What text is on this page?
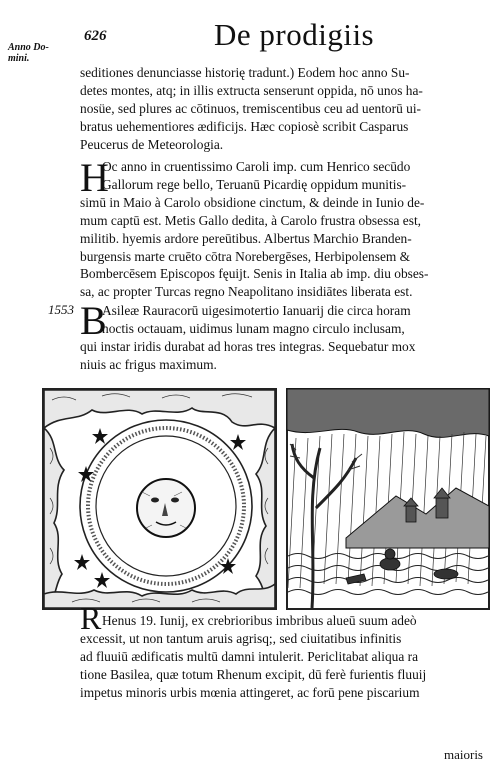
Anno Do-
mini.
626	De prodigiis
seditiones denunciasse historię tradunt.) Eodem hoc anno Su-
detes montes, atq; in illis extructa senserunt oppida, nō unos ha-
nosüe, sed plures ac cōtinuos, tremiscentibus ceu ad uentorū ui-
bratus uehementiores ædificijs. Hæc copiosè scribit Casparus
Peucerus de Meteorologia.
H
Oc anno in cruentissimo Caroli imp. cum Henrico secūdo
Gallorum rege bello, Teruanū Picardię oppidum munitis-
simū in Maio à Carolo obsidione cinctum, & deinde in Iunio de-
mum captū est. Metis Gallo dedita, à Carolo frustra obsessa est,
militib. hyemis ardore pereūtibus. Albertus Marchio Branden-
burgensis marte cruēto cōtra Norebergēses, Herbipolensem &
Bombercēsem Episcopos fęuijt. Senis in Italia ab imp. diu obses-
sa, ac propter Turcas regno Neapolitano insidiātes liberata est.
1553 B
Asileæ Rauracorū uigesimotertio Ianuarij die circa horam
noctis octauam, uidimus lunam magno circulo inclusam,
qui instar iridis durabat ad horas tres integras. Sequebatur mox
niuis ac frigus maximum.
R Henus 19. Iunij, ex crebrioribus imbribus alueū suum adeò
excessit, ut non tantum aruis agrisq;, sed ciuitatibus infinitis
ad fluuiū ædificatis multū damni intulerit. Periclitabat aliqua ra
tione Basilea, quæ totum Rhenum excipit, dū ferè furientis fluuij
impetus minoris urbis mœnia attingeret, ac forū pene piscarium
maioris
